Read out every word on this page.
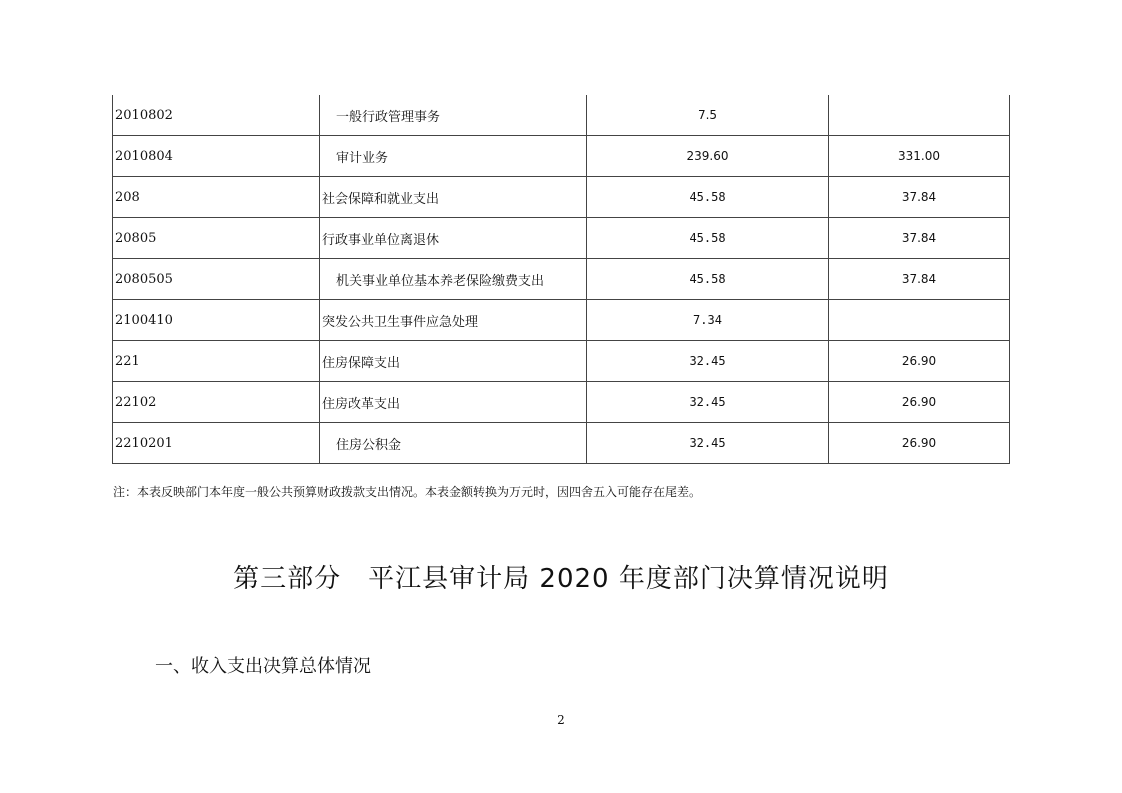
2010802	一般行政管理事务	7.5	
2010804	审计业务	239.60	331.00
208	社会保障和就业支出	45.58	37.84
20805	行政事业单位离退休	45.58	37.84
2080505	机关事业单位基本养老保险缴费支出	45.58	37.84
2100410	突发公共卫生事件应急处理	7.34	
221	住房保障支出	32.45	26.90
22102	住房改革支出	32.45	26.90
2210201	住房公积金	32.45	26.90
注：本表反映部门本年度一般公共预算财政拨款支出情况。本表金额转换为万元时，因四舍五入可能存在尾差。
第三部分　平江县审计局 2020 年度部门决算情况说明
一、收入支出决算总体情况
2
